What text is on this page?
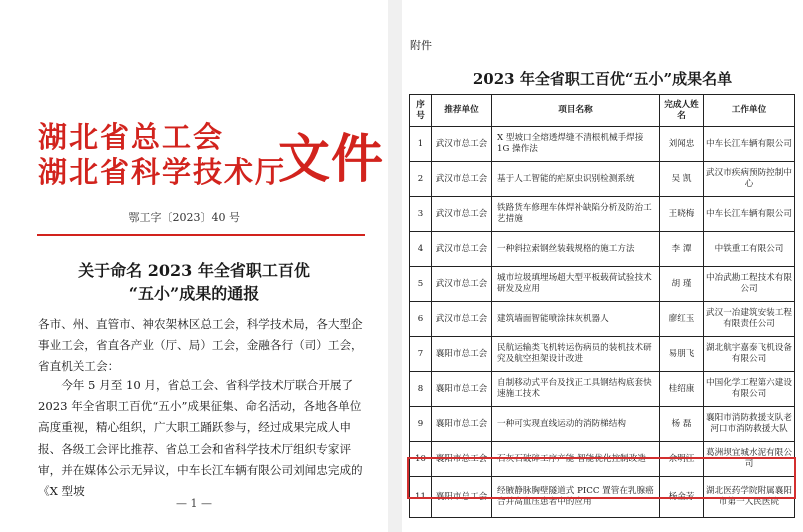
湖北省总工会
湖北省科学技术厅
文件
鄂工字〔2023〕40 号
关于命名 2023 年全省职工百优
“五小”成果的通报
各市、州、直管市、神农架林区总工会，科学技术局，各大型企事业工会，省直各产业（厅、局）工会，金融各行（司）工会，省直机关工会：
今年 5 月至 10 月，省总工会、省科学技术厅联合开展了 2023 年全省职工百优“五小”成果征集、命名活动，各地各单位高度重视，精心组织，广大职工踊跃参与，经过成果完成人申报、各级工会评比推荐、省总工会和省科学技术厅组织专家评审，并在媒体公示无异议，中车长江车辆有限公司刘闻忠完成的《X 型坡
— 1 —
附件
2023 年全省职工百优“五小”成果名单
序号	推荐单位	项目名称	完成人姓名	工作单位
1	武汉市总工会	X 型坡口全熔透焊缝不清根机械手焊接 1G 操作法	刘闻忠	中车长江车辆有限公司
2	武汉市总工会	基于人工智能的疟原虫识别检测系统	吴 凯	武汉市疾病预防控制中心
3	武汉市总工会	铁路货车修理车体焊补缺陷分析及防治工艺措施	王晓梅	中车长江车辆有限公司
4	武汉市总工会	一种斜拉索钢丝装载规格的施工方法	李 潭	中铁重工有限公司
5	武汉市总工会	城市垃圾填埋场超大型平板载荷试验技术研发及应用	胡 瑾	中冶武勘工程技术有限公司
6	武汉市总工会	建筑墙面智能喷涂抹灰机器人	廖红玉	武汉一冶建筑安装工程有限责任公司
7	襄阳市总工会	民航运输类飞机转运伤病员的装机技术研究及航空担架设计改进	易朋飞	湖北航宇嘉泰飞机设备有限公司
8	襄阳市总工会	自制移动式平台及找正工具钢结构底套快速施工技术	桂绍康	中国化学工程第六建设有限公司
9	襄阳市总工会	一种可实现直线运动的消防梯结构	杨 磊	襄阳市消防救援支队老河口市消防救援大队
10	襄阳市总工会	石灰石破碎工序产能 智能优化控制改造	余明江	葛洲坝宜城水泥有限公司
11	襄阳市总工会	经腋静脉胸壁隧道式 PICC 置管在乳腺癌合并高血压患者中的应用	杨金芳	湖北医药学院附属襄阳市第一人民医院
